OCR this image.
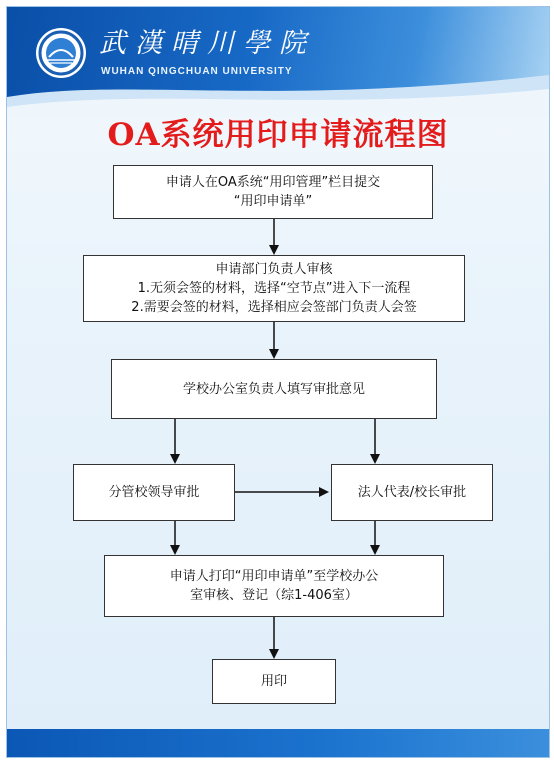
武漢晴川學院
WUHAN QINGCHUAN UNIVERSITY
OA系统用印申请流程图
申请人在OA系统“用印管理”栏目提交
“用印申请单”
申请部门负责人审核
1.无须会签的材料，选择“空节点”进入下一流程
2.需要会签的材料，选择相应会签部门负责人会签
学校办公室负责人填写审批意见
分管校领导审批	法人代表/校长审批
申请人打印“用印申请单”至学校办公
室审核、登记（综1-406室）
用印
